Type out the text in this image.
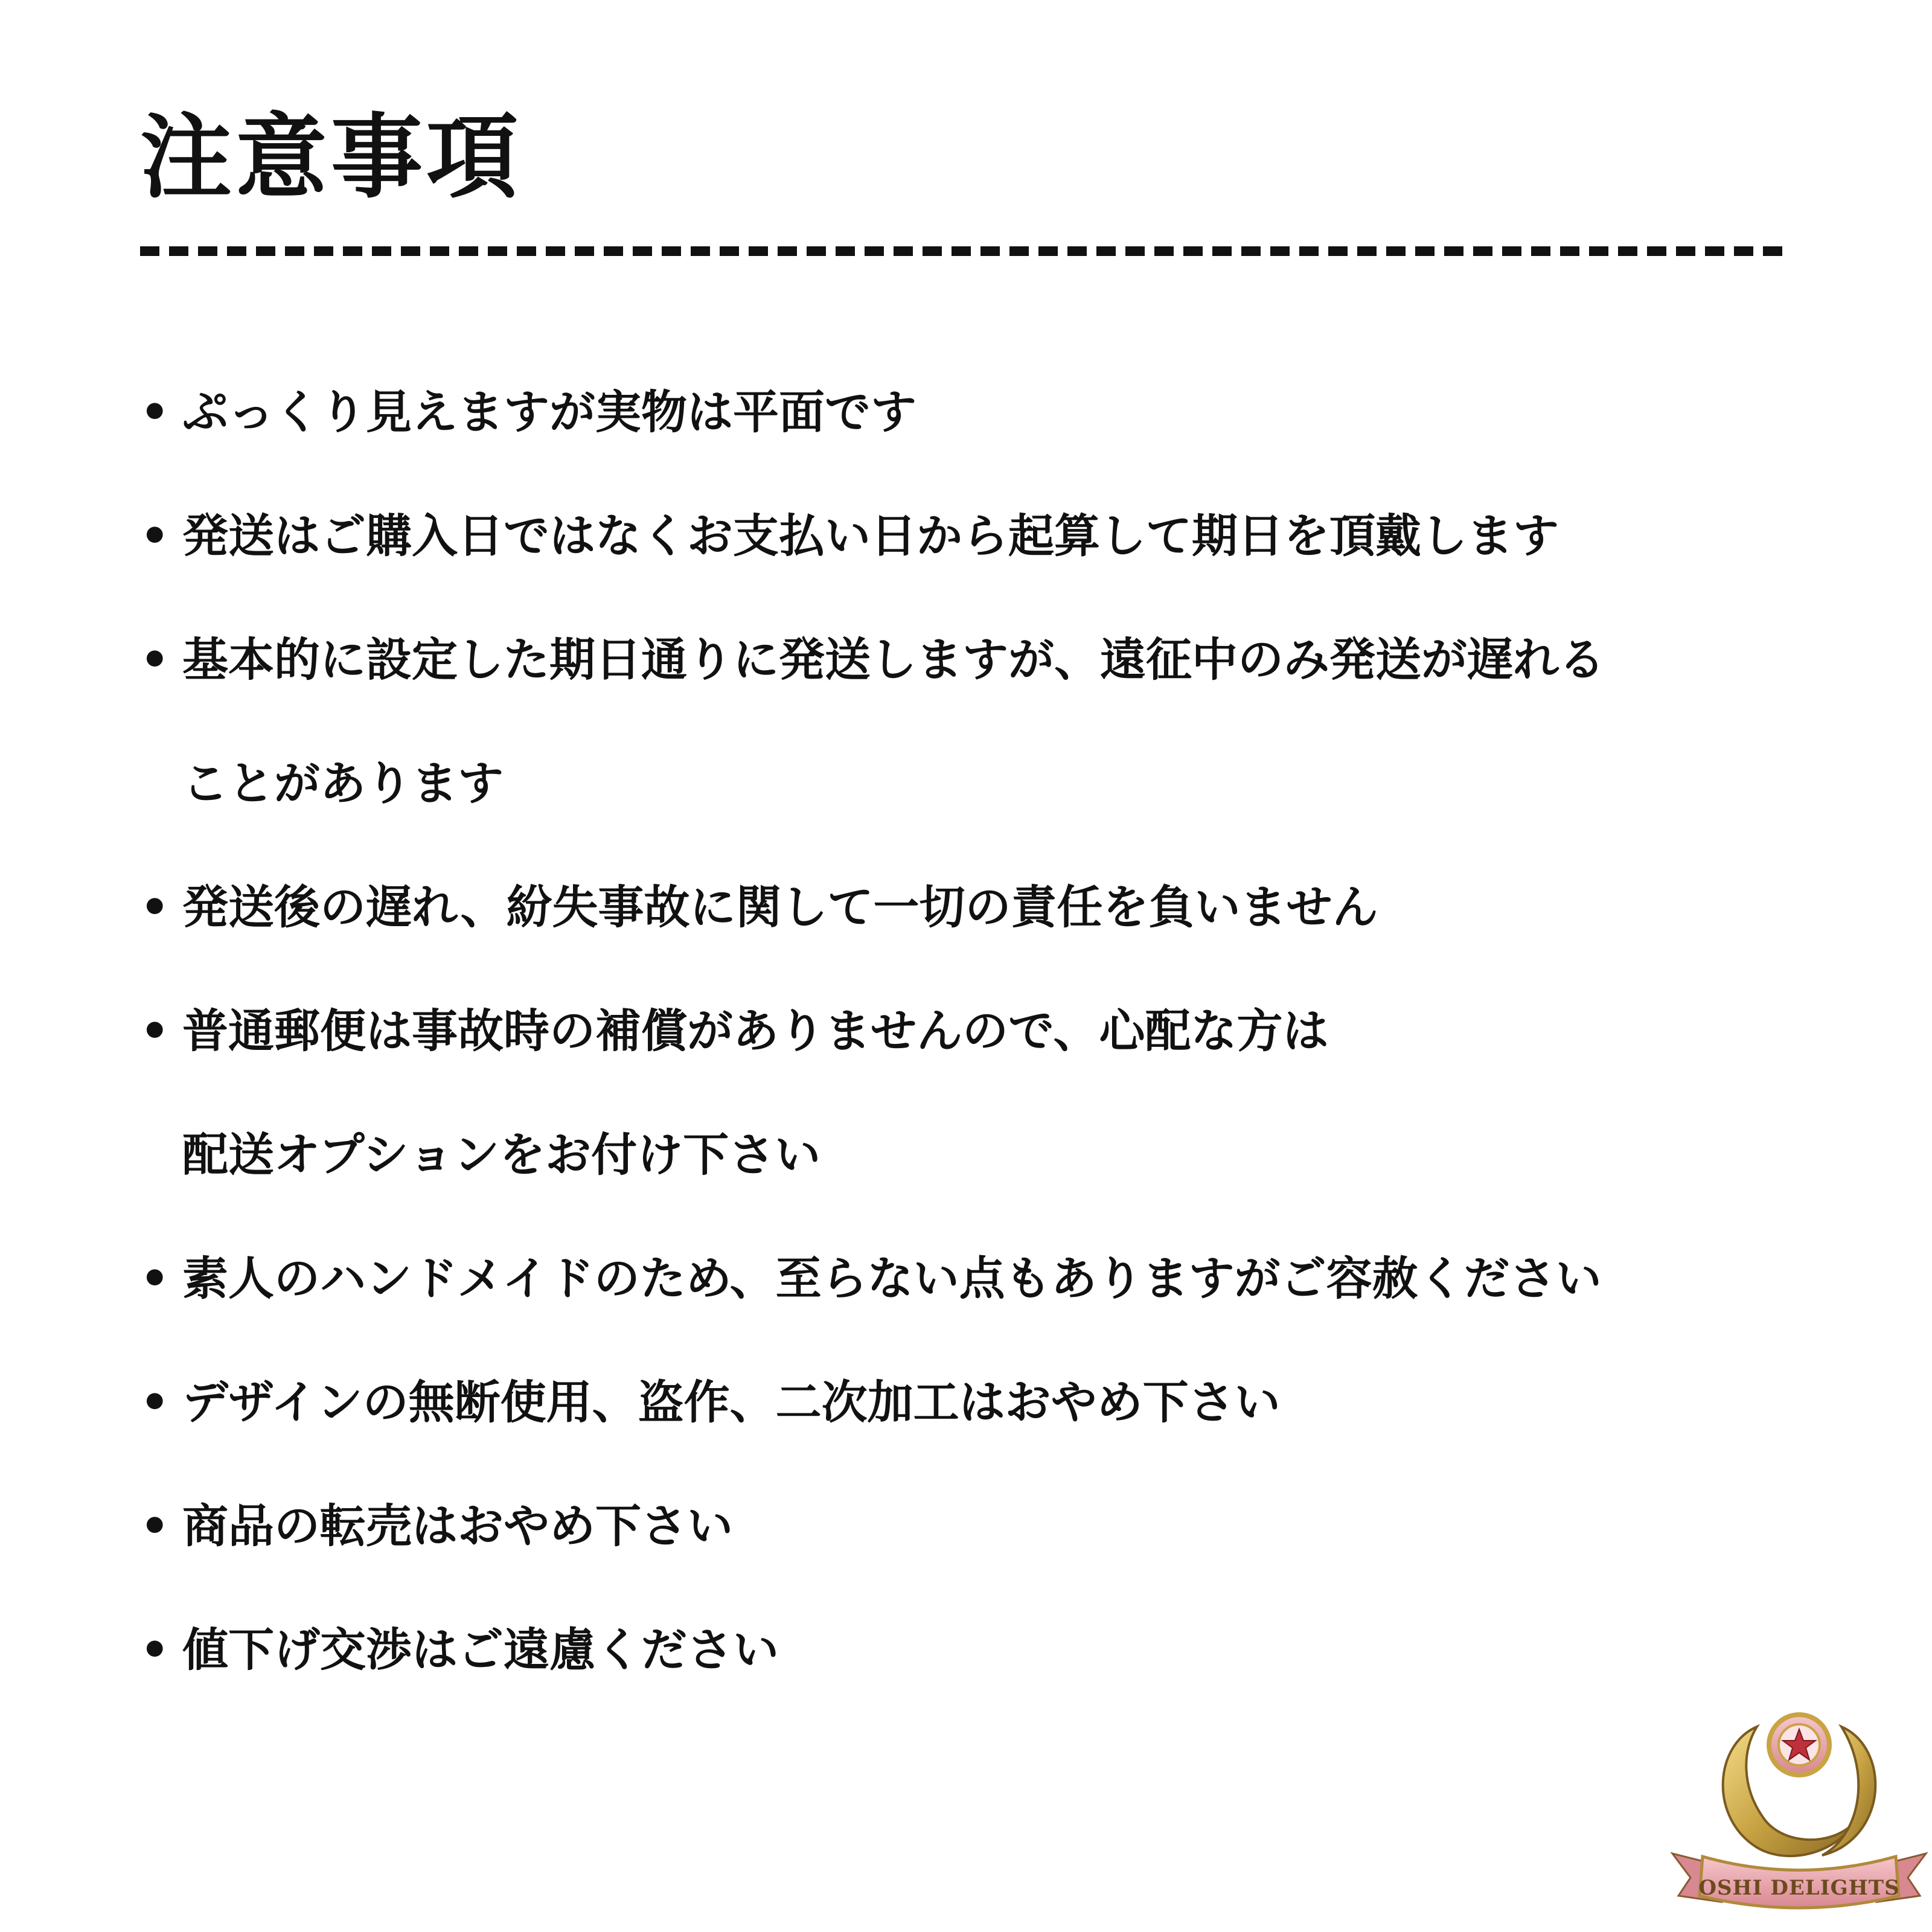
注意事項
• ぷっくり見えますが実物は平面です
• 発送はご購入日ではなくお支払い日から起算して期日を頂戴します
• 基本的に設定した期日通りに発送しますが、遠征中のみ発送が遅れる
ことがあります
• 発送後の遅れ、紛失事故に関して一切の責任を負いません
• 普通郵便は事故時の補償がありませんので、心配な方は
配送オプションをお付け下さい
• 素人のハンドメイドのため、至らない点もありますがご容赦ください
• デザインの無断使用、盗作、二次加工はおやめ下さい
• 商品の転売はおやめ下さい
• 値下げ交渉はご遠慮ください
OSHI DELIGHTS
